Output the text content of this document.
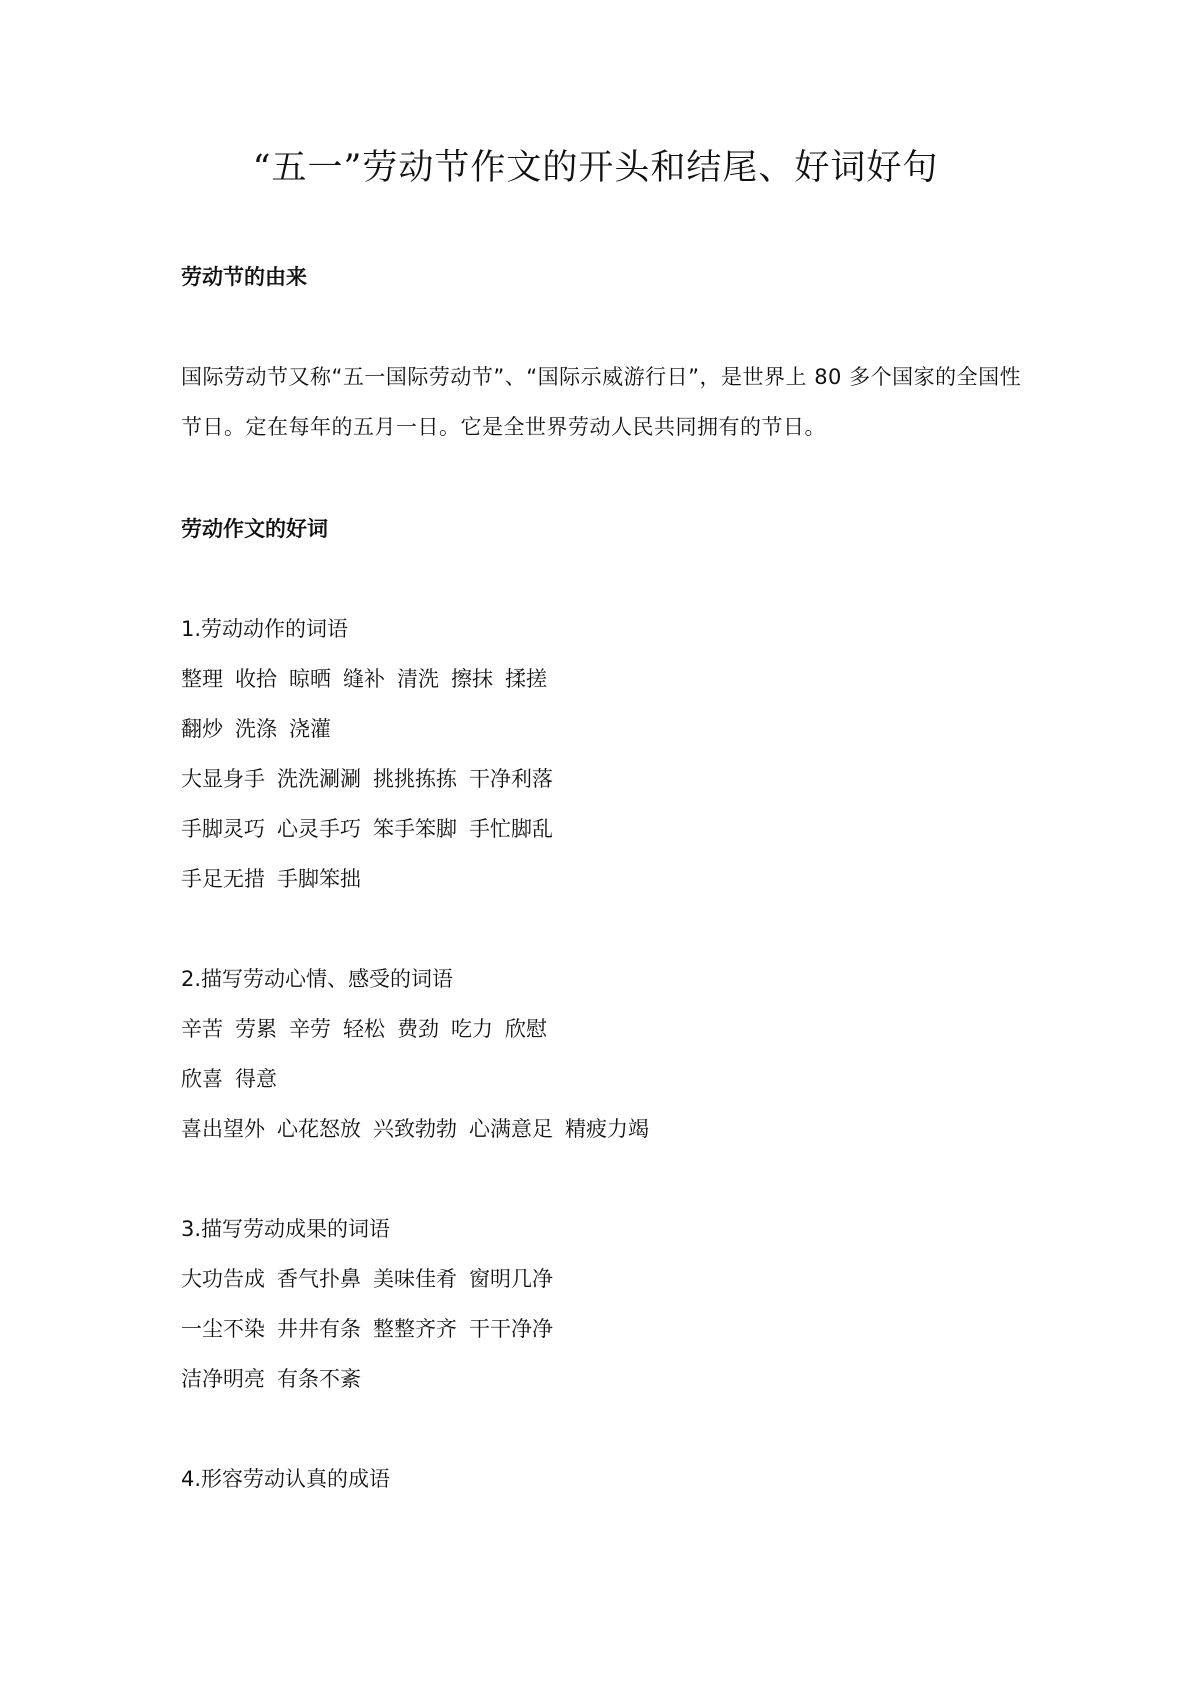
“五一”劳动节作文的开头和结尾、好词好句
劳动节的由来
国际劳动节又称“五一国际劳动节”、“国际示威游行日”，是世界上 80 多个国家的全国性节日。定在每年的五月一日。它是全世界劳动人民共同拥有的节日。
劳动作文的好词
1.劳动动作的词语
整理 收拾 晾晒 缝补 清洗 擦抹 揉搓
翻炒 洗涤 浇灌
大显身手 洗洗涮涮 挑挑拣拣 干净利落
手脚灵巧 心灵手巧 笨手笨脚 手忙脚乱
手足无措 手脚笨拙
2.描写劳动心情、感受的词语
辛苦 劳累 辛劳 轻松 费劲 吃力 欣慰
欣喜 得意
喜出望外 心花怒放 兴致勃勃 心满意足 精疲力竭
3.描写劳动成果的词语
大功告成 香气扑鼻 美味佳肴 窗明几净
一尘不染 井井有条 整整齐齐 干干净净
洁净明亮 有条不紊
4.形容劳动认真的成语
